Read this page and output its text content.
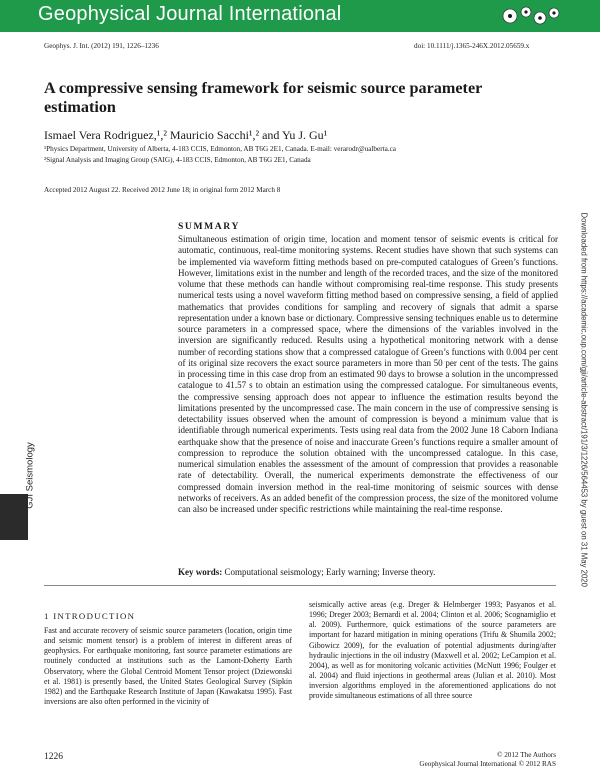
Geophysical Journal International
Geophys. J. Int. (2012) 191, 1226–1236	doi: 10.1111/j.1365-246X.2012.05659.x
A compressive sensing framework for seismic source parameter estimation
Ismael Vera Rodriguez,¹,² Mauricio Sacchi¹,² and Yu J. Gu¹
¹Physics Department, University of Alberta, 4-183 CCIS, Edmonton, AB T6G 2E1, Canada. E-mail: verarodr@ualberta.ca
²Signal Analysis and Imaging Group (SAIG), 4-183 CCIS, Edmonton, AB T6G 2E1, Canada
Accepted 2012 August 22. Received 2012 June 18; in original form 2012 March 8
SUMMARY
Simultaneous estimation of origin time, location and moment tensor of seismic events is critical for automatic, continuous, real-time monitoring systems. Recent studies have shown that such systems can be implemented via waveform fitting methods based on pre-computed catalogues of Green’s functions. However, limitations exist in the number and length of the recorded traces, and the size of the monitored volume that these methods can handle without compromising real-time response. This study presents numerical tests using a novel waveform fitting method based on compressive sensing, a field of applied mathematics that provides conditions for sampling and recovery of signals that admit a sparse representation under a known base or dictionary. Compressive sensing techniques enable us to determine source parameters in a compressed space, where the dimensions of the variables involved in the inversion are significantly reduced. Results using a hypothetical monitoring network with a dense number of recording stations show that a compressed catalogue of Green’s functions with 0.004 per cent of its original size recovers the exact source parameters in more than 50 per cent of the tests. The gains in processing time in this case drop from an estimated 90 days to browse a solution in the uncompressed catalogue to 41.57 s to obtain an estimation using the compressed catalogue. For simultaneous events, the compressive sensing approach does not appear to influence the estimation results beyond the limitations presented by the uncompressed case. The main concern in the use of compressive sensing is detectability issues observed when the amount of compression is beyond a minimum value that is identifiable through numerical experiments. Tests using real data from the 2002 June 18 Caborn Indiana earthquake show that the presence of noise and inaccurate Green’s functions require a smaller amount of compression to reproduce the solution obtained with the uncompressed catalogue. In this case, numerical simulation enables the assessment of the amount of compression that provides a reasonable rate of detectability. Overall, the numerical experiments demonstrate the effectiveness of our compressed domain inversion method in the real-time monitoring of seismic sources with dense networks of receivers. As an added benefit of the compression process, the size of the monitored volume can also be increased under specific restrictions while maintaining the real-time response.
Key words: Computational seismology; Early warning; Inverse theory.
GJI Seismology	Downloaded from https://academic.oup.com/gji/article-abstract/191/3/1226/564453 by guest on 31 May 2020
1 INTRODUCTION
Fast and accurate recovery of seismic source parameters (location, origin time and seismic moment tensor) is a problem of interest in different areas of geophysics. For earthquake monitoring, fast source parameter estimations are routinely conducted at institutions such as the Lamont-Doherty Earth Observatory, where the Global Centroid Moment Tensor project (Dziewonski et al. 1981) is presently based, the United States Geological Survey (Sipkin 1982) and the Earthquake Research Institute of Japan (Kawakatsu 1995). Fast inversions are also often performed in the vicinity of
seismically active areas (e.g. Dreger & Helmberger 1993; Pasyanos et al. 1996; Dreger 2003; Bernardi et al. 2004; Clinton et al. 2006; Scognamiglio et al. 2009). Furthermore, quick estimations of the source parameters are important for hazard mitigation in mining operations (Trifu & Shumila 2002; Gibowicz 2009), for the evaluation of potential adjustments during/after hydraulic injections in the oil industry (Maxwell et al. 2002; LeCampion et al. 2004), as well as for monitoring volcanic activities (McNutt 1996; Foulger et al. 2004) and fluid injections in geothermal areas (Julian et al. 2010). Most inversion algorithms employed in the aforementioned applications do not provide simultaneous estimations of all three source
1226	© 2012 The Authors
Geophysical Journal International © 2012 RAS
